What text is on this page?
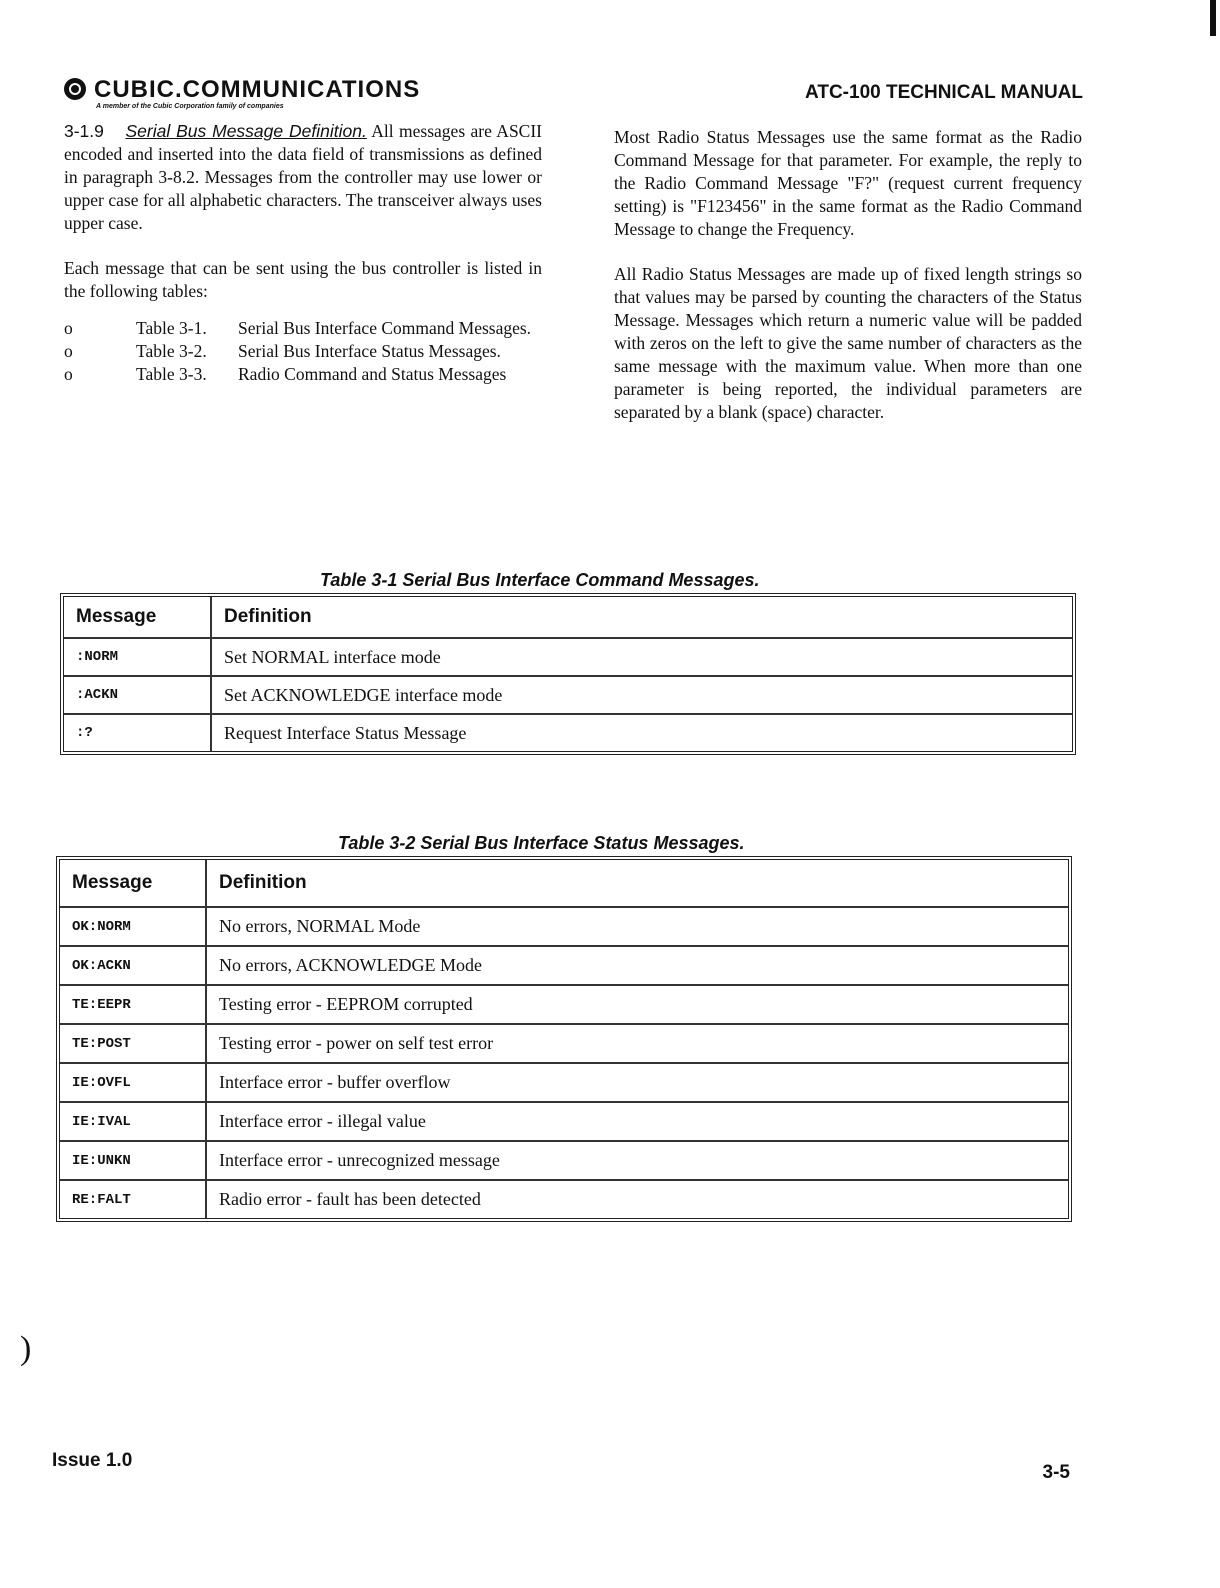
CUBIC.COMMUNICATIONS
A member of the Cubic Corporation family of companies
ATC-100 TECHNICAL MANUAL

3-1.9 Serial Bus Message Definition. All messages are ASCII encoded and inserted into the data field of transmissions as defined in paragraph 3-8.2. Messages from the controller may use lower or upper case for all alphabetic characters. The transceiver always uses upper case.

Each message that can be sent using the bus controller is listed in the following tables:

o	Table 3-1.	Serial Bus Interface Command Messages.
o	Table 3-2.	Serial Bus Interface Status Messages.
o	Table 3-3.	Radio Command and Status Messages

Most Radio Status Messages use the same format as the Radio Command Message for that parameter. For example, the reply to the Radio Command Message "F?" (request current frequency setting) is "F123456" in the same format as the Radio Command Message to change the Frequency.

All Radio Status Messages are made up of fixed length strings so that values may be parsed by counting the characters of the Status Message. Messages which return a numeric value will be padded with zeros on the left to give the same number of characters as the same message with the maximum value. When more than one parameter is being reported, the individual parameters are separated by a blank (space) character.

Table 3-1 Serial Bus Interface Command Messages.
Message	Definition
:NORM	Set NORMAL interface mode
:ACKN	Set ACKNOWLEDGE interface mode
:?	Request Interface Status Message
Table 3-2 Serial Bus Interface Status Messages.
Message	Definition
OK:NORM	No errors, NORMAL Mode
OK:ACKN	No errors, ACKNOWLEDGE Mode
TE:EEPR	Testing error - EEPROM corrupted
TE:POST	Testing error - power on self test error
IE:OVFL	Interface error - buffer overflow
IE:IVAL	Interface error - illegal value
IE:UNKN	Interface error - unrecognized message
RE:FALT	Radio error - fault has been detected
)
Issue 1.0
3-5
